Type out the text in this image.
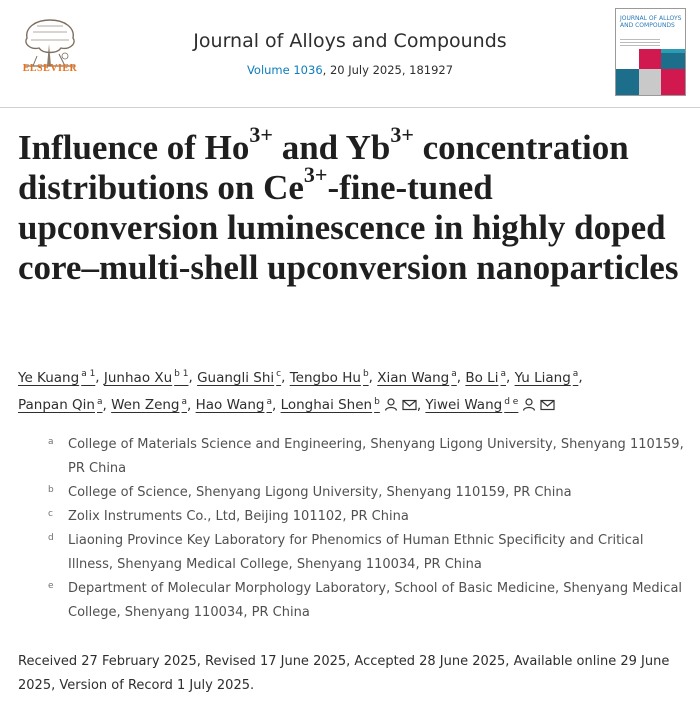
ELSEVIER
Journal of Alloys and Compounds
Volume 1036, 20 July 2025, 181927
JOURNAL OF ALLOYS AND COMPOUNDS
Influence of $Ho^{3+}$ and $Yb^{3+}$ concentration distributions on $Ce^{3+}-fine$-tuned upconversion luminescence in highly doped core–multi-shell upconversion nanoparticles
Ye Kuang $^{a 1}$, Junhao Xu $^{b 1}$, Guangli Shi $^c$, Tengbo Hu $^b$, Xian Wang $^a$, Bo Li $^a$, Yu Liang $^a$,
Panpan Qin $^a$, Wen Zeng $^a$, Hao Wang $^a$, Longhai Shen $^b$	, Yiwei Wang $^{d e}$
a College of Materials Science and Engineering, Shenyang Ligong University, Shenyang 110159, PR China
b College of Science, Shenyang Ligong University, Shenyang 110159, PR China
c Zolix Instruments Co., Ltd, Beijing 101102, PR China
d Liaoning Province Key Laboratory for Phenomics of Human Ethnic Specificity and Critical Illness, Shenyang Medical College, Shenyang 110034, PR China
e Department of Molecular Morphology Laboratory, School of Basic Medicine, Shenyang Medical College, Shenyang 110034, PR China
Received 27 February 2025, Revised 17 June 2025, Accepted 28 June 2025, Available online 29 June 2025, Version of Record 1 July 2025.
